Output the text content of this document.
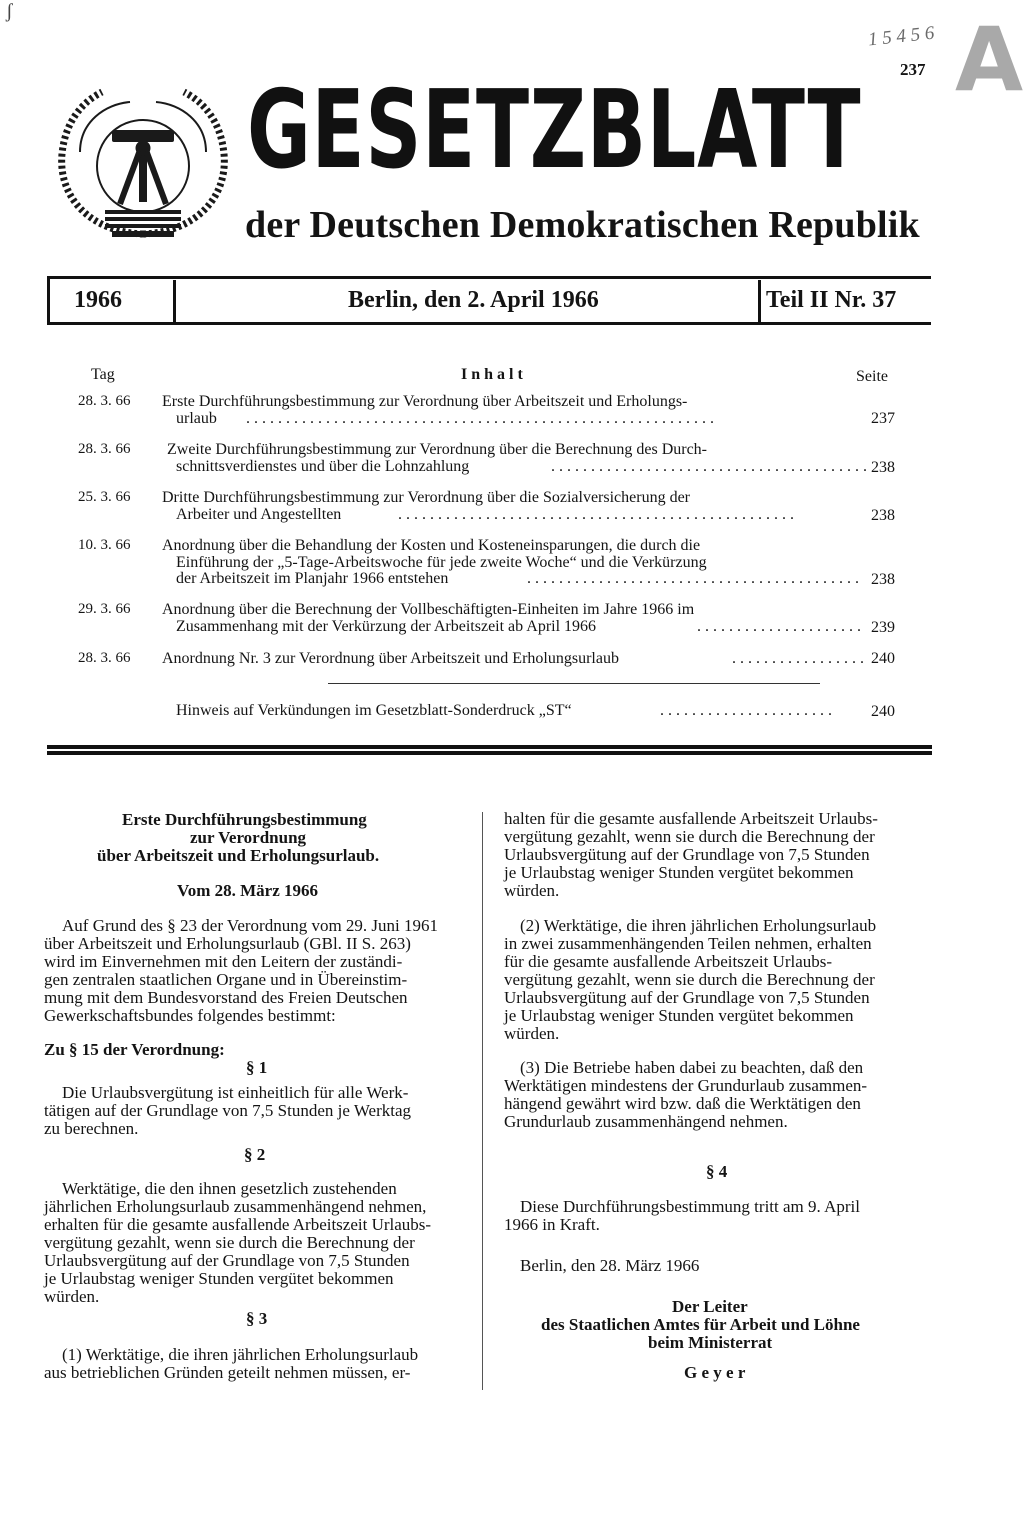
ʃ
1 5 4 5 6 A
237
GESETZBLATT
der Deutschen Demokratischen Republik
1966	Berlin, den 2. April 1966	Teil II Nr. 37
Tag	I n h a l t	Seite
28. 3. 66 Erste Durchführungsbestimmung zur Verordnung über Arbeitszeit und Erholungs-
urlaub . . . . . . . . . . . . . . . . . . . . . . . . . . . . . . . . . . . . . . . . . . . . . . . . . . . . . . . . . . .	237
28. 3. 66 Zweite Durchführungsbestimmung zur Verordnung über die Berechnung des Durch-
schnittsverdienstes und über die Lohnzahlung	. . . . . . . . . . . . . . . . . . . . . . . . . . . . . . . . . . . . . . . . 238
25. 3. 66 Dritte Durchführungsbestimmung zur Verordnung über die Sozialversicherung der
Arbeiter und Angestellten	. . . . . . . . . . . . . . . . . . . . . . . . . . . . . . . . . . . . . . . . . . . . . . . . . .	238
10. 3. 66 Anordnung über die Behandlung der Kosten und Kosteneinsparungen, die durch die
Einführung der „5-Tage-Arbeitswoche für jede zweite Woche“ und die Verkürzung
der Arbeitszeit im Planjahr 1966 entstehen	. . . . . . . . . . . . . . . . . . . . . . . . . . . . . . . . . . . . . . . . . . 238
29. 3. 66 Anordnung über die Berechnung der Vollbeschäftigten-Einheiten im Jahre 1966 im
Zusammenhang mit der Verkürzung der Arbeitszeit ab April 1966	. . . . . . . . . . . . . . . . . . . . . 239
28. 3. 66 Anordnung Nr. 3 zur Verordnung über Arbeitszeit und Erholungsurlaub	. . . . . . . . . . . . . . . . . 240
Hinweis auf Verkündungen im Gesetzblatt-Sonderdruck „ST“	. . . . . . . . . . . . . . . . . . . . . . 240
Erste Durchführungsbestimmung
zur Verordnung
über Arbeitszeit und Erholungsurlaub.
Vom 28. März 1966
Auf Grund des § 23 der Verordnung vom 29. Juni 1961
über Arbeitszeit und Erholungsurlaub (GBl. II S. 263)
wird im Einvernehmen mit den Leitern der zuständi-
gen zentralen staatlichen Organe und in Übereinstim-
mung mit dem Bundesvorstand des Freien Deutschen
Gewerkschaftsbundes folgendes bestimmt:
Zu § 15 der Verordnung:
§ 1
Die Urlaubsvergütung ist einheitlich für alle Werk-
tätigen auf der Grundlage von 7,5 Stunden je Werktag
zu berechnen.
§ 2
Werktätige, die den ihnen gesetzlich zustehenden
jährlichen Erholungsurlaub zusammenhängend nehmen,
erhalten für die gesamte ausfallende Arbeitszeit Urlaubs-
vergütung gezahlt, wenn sie durch die Berechnung der
Urlaubsvergütung auf der Grundlage von 7,5 Stunden
je Urlaubstag weniger Stunden vergütet bekommen
würden.
§ 3
(1) Werktätige, die ihren jährlichen Erholungsurlaub
aus betrieblichen Gründen geteilt nehmen müssen, er-
halten für die gesamte ausfallende Arbeitszeit Urlaubs-
vergütung gezahlt, wenn sie durch die Berechnung der
Urlaubsvergütung auf der Grundlage von 7,5 Stunden
je Urlaubstag weniger Stunden vergütet bekommen
würden.
(2) Werktätige, die ihren jährlichen Erholungsurlaub
in zwei zusammenhängenden Teilen nehmen, erhalten
für die gesamte ausfallende Arbeitszeit Urlaubs-
vergütung gezahlt, wenn sie durch die Berechnung der
Urlaubsvergütung auf der Grundlage von 7,5 Stunden
je Urlaubstag weniger Stunden vergütet bekommen
würden.
(3) Die Betriebe haben dabei zu beachten, daß den
Werktätigen mindestens der Grundurlaub zusammen-
hängend gewährt wird bzw. daß die Werktätigen den
Grundurlaub zusammenhängend nehmen.
§ 4
Diese Durchführungsbestimmung tritt am 9. April
1966 in Kraft.
Berlin, den 28. März 1966
Der Leiter
des Staatlichen Amtes für Arbeit und Löhne
beim Ministerrat
G e y e r
